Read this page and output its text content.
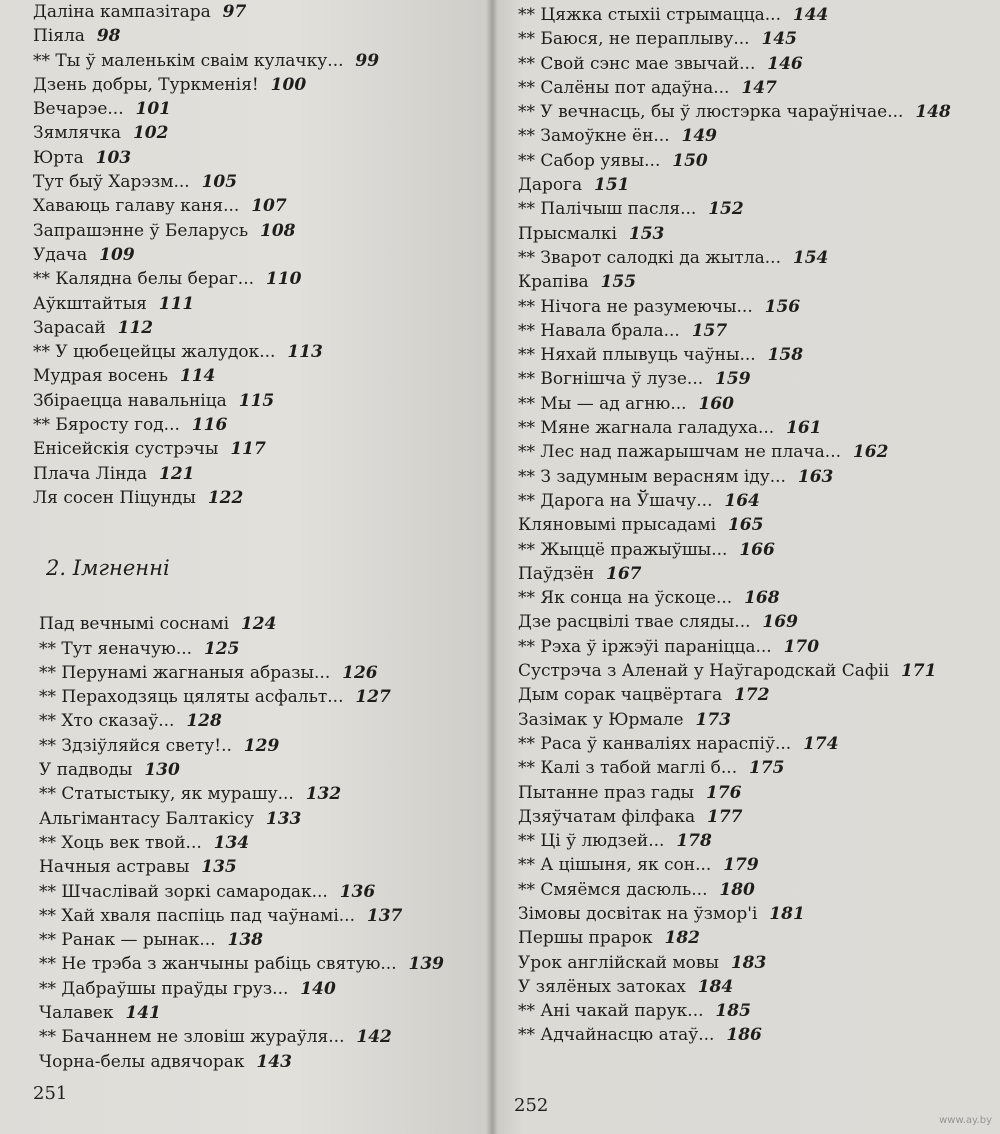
Даліна кампазітара 97
Піяла 98
** Ты ў маленькім сваім кулачку... 99
Дзень добры, Туркменія! 100
Вечарэе... 101
Зямлячка 102
Юрта 103
Тут быў Харэзм... 105
Хаваюць галаву каня... 107
Запрашэнне ў Беларусь 108
Удача 109
** Калядна белы бераг... 110
Аўкштайтыя 111
Зарасай 112
** У цюбецейцы жалудок... 113
Мудрая восень 114
Збіраецца навальніца 115
** Бяросту год... 116
Енісейскія сустрэчы 117
Плача Ліндa 121
Ля сосен Піцунды 122
2. Імгненні
Пад вечнымі соснамі 124
** Тут яеначую... 125
** Перунамі жагнаныя абразы... 126
** Пераходзяць цяляты асфальт... 127
** Хто сказаў... 128
** Здзіўляйся свету!.. 129
У падводы 130
** Статыстыку, як мурашу... 132
Альгімантасу Балтакісу 133
** Хоць век твой... 134
Начныя астравы 135
** Шчаслівай зоркі самародак... 136
** Хай хваля паспіць пад чаўнамі... 137
** Ранак — рынак... 138
** Не трэба з жанчыны рабіць святую... 139
** Дабраўшы праўды груз... 140
Чалавек 141
** Бачаннем не зловіш жураўля... 142
Чорна-белы адвячорак 143
251
** Цяжка стыхіі стрымацца... 144
** Баюся, не пераплыву... 145
** Свой сэнс мае звычай... 146
** Салёны пот адаўна... 147
** У вечнасць, бы ў люстэрка чараўнічае... 148
** Замоўкне ён... 149
** Сабор уявы... 150
Дарога 151
** Палічыш пасля... 152
Прысмалкі 153
** Зварот салодкі да жытла... 154
Крапіва 155
** Нічога не разумеючы... 156
** Навала брала... 157
** Няхай плывуць чаўны... 158
** Вогнішча ў лузе... 159
** Мы — ад агню... 160
** Мяне жагнала галадуха... 161
** Лес над пажарышчам не плача... 162
** З задумным верасням іду... 163
** Дарога на Ўшачу... 164
Кляновымі прысадамі 165
** Жыццё пражыўшы... 166
Паўдзён 167
** Як сонца на ўскоце... 168
Дзе расцвілі твае сляды... 169
** Рэха ў іржэўі параніцца... 170
Сустрэча з Аленай у Наўгародскай Сафіі 171
Дым сорак чацвёртага 172
Зазімак у Юрмале 173
** Раса ў канваліях нараспіў... 174
** Калі з табой маглі б... 175
Пытанне праз гады 176
Дзяўчатам філфака 177
** Ці ў людзей... 178
** А цішыня, як сон... 179
** Смяёмся дасюль... 180
Зімовы досвітак на ўзмор'і 181
Першы прарок 182
Урок англійскай мовы 183
У зялёных затоках 184
** Ані чакай парук... 185
** Адчайнасцю атаў... 186
252
www.ay.by
